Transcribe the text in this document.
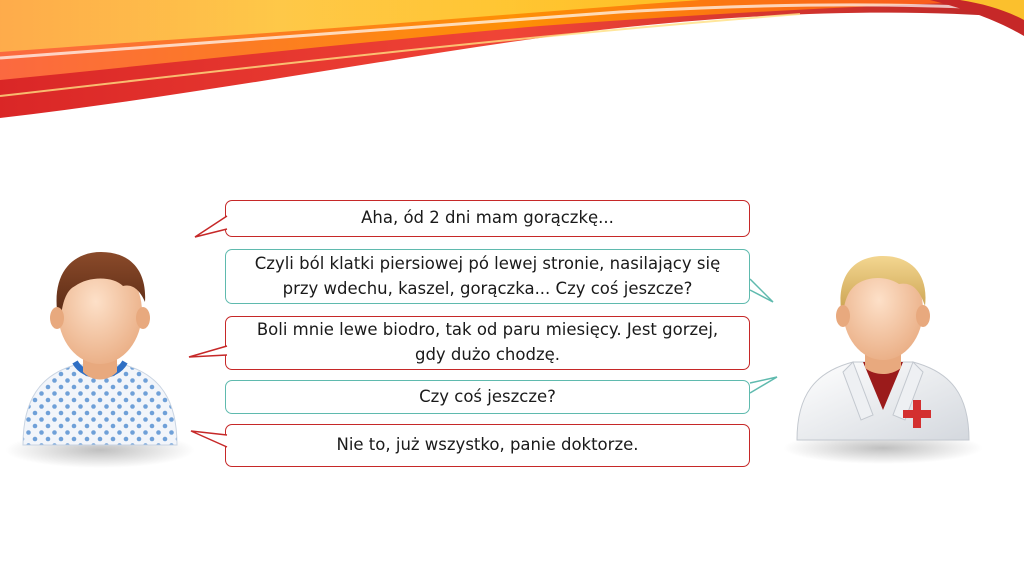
Aha, ód 2 dni mam gorączkę...
Czyli ból klatki piersiowej pó lewej stronie, nasilający się przy wdechu, kaszel, gorączka... Czy coś jeszcze?
Boli mnie lewe biodro, tak od paru miesięcy. Jest gorzej, gdy dużo chodzę.
Czy coś jeszcze?
Nie to, już wszystko, panie doktorze.
